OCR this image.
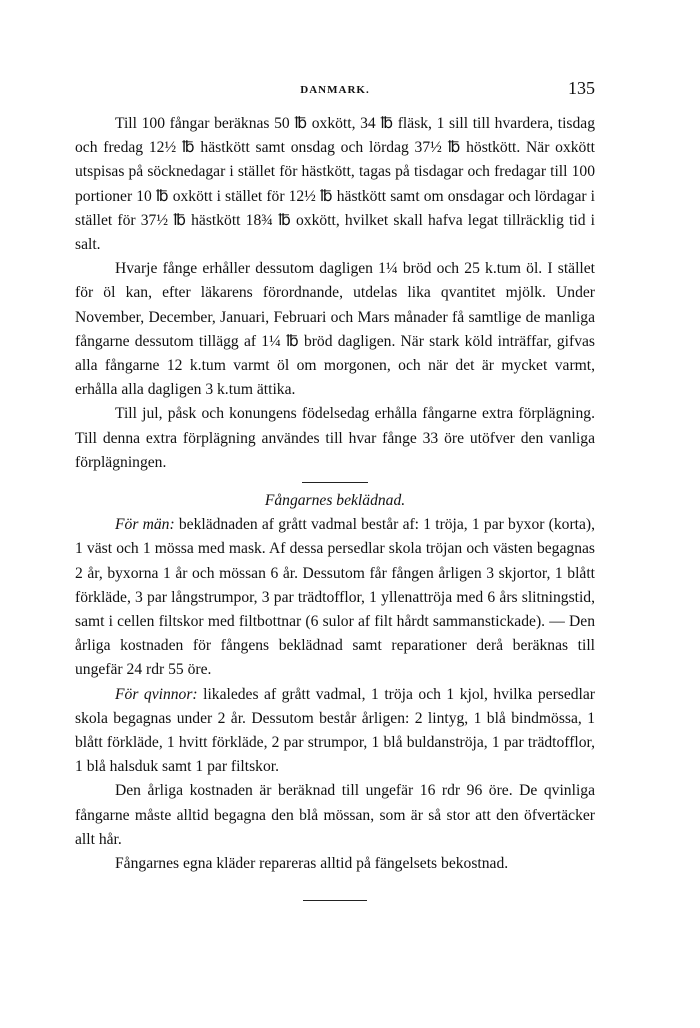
DANMARK.	135

Till 100 fångar beräknas 50 ℔ oxkött, 34 ℔ fläsk, 1 sill till hvardera, tisdag och fredag 12½ ℔ hästkött samt onsdag och lördag 37½ ℔ höstkött. När oxkött utspisas på söcknedagar i stället för hästkött, tagas på tisdagar och fredagar till 100 portioner 10 ℔ oxkött i stället för 12½ ℔ hästkött samt om onsdagar och lördagar i stället för 37½ ℔ hästkött 18¾ ℔ oxkött, hvilket skall hafva legat tillräcklig tid i salt.

Hvarje fånge erhåller dessutom dagligen 1¼ bröd och 25 k.tum öl. I stället för öl kan, efter läkarens förordnande, utdelas lika qvantitet mjölk. Under November, December, Januari, Februari och Mars månader få samtlige de manliga fångarne dessutom tillägg af 1¼ ℔ bröd dagligen. När stark köld inträffar, gifvas alla fångarne 12 k.tum varmt öl om morgonen, och när det är mycket varmt, erhålla alla dagligen 3 k.tum ättika.

Till jul, påsk och konungens födelsedag erhålla fångarne extra förplägning. Till denna extra förplägning användes till hvar fånge 33 öre utöfver den vanliga förplägningen.

Fångarnes beklädnad.

För män: beklädnaden af grått vadmal består af: 1 tröja, 1 par byxor (korta), 1 väst och 1 mössa med mask. Af dessa persedlar skola tröjan och västen begagnas 2 år, byxorna 1 år och mössan 6 år. Dessutom får fången årligen 3 skjortor, 1 blått förkläde, 3 par långstrumpor, 3 par trädtofflor, 1 yllenattröja med 6 års slitningstid, samt i cellen filtskor med filtbottnar (6 sulor af filt hårdt sammanstickade). — Den årliga kostnaden för fångens beklädnad samt reparationer derå beräknas till ungefär 24 rdr 55 öre.

För qvinnor: likaledes af grått vadmal, 1 tröja och 1 kjol, hvilka persedlar skola begagnas under 2 år. Dessutom består årligen: 2 lintyg, 1 blå bindmössa, 1 blått förkläde, 1 hvitt förkläde, 2 par strumpor, 1 blå buldanströja, 1 par trädtofflor, 1 blå halsduk samt 1 par filtskor.

Den årliga kostnaden är beräknad till ungefär 16 rdr 96 öre. De qvinliga fångarne måste alltid begagna den blå mössan, som är så stor att den öfvertäcker allt hår.

Fångarnes egna kläder repareras alltid på fängelsets bekostnad.
